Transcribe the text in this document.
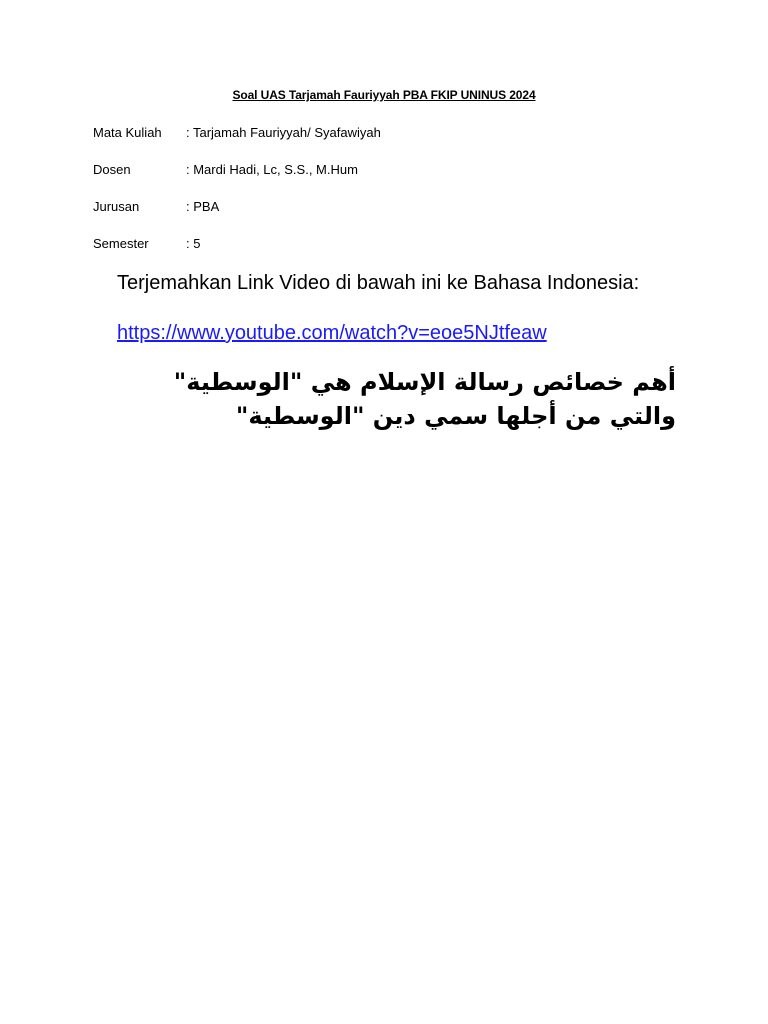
Soal UAS Tarjamah Fauriyyah PBA FKIP UNINUS 2024
Mata Kuliah : Tarjamah Fauriyyah/ Syafawiyah
Dosen	: Mardi Hadi, Lc, S.S., M.Hum
Jurusan	: PBA
Semester	: 5
Terjemahkan Link Video di bawah ini ke Bahasa Indonesia:
https://www.youtube.com/watch?v=eoe5NJtfeaw
أهم خصائص رسالة الإسلام هي "الوسطية" والتي من أجلها سمي دين "الوسطية"
